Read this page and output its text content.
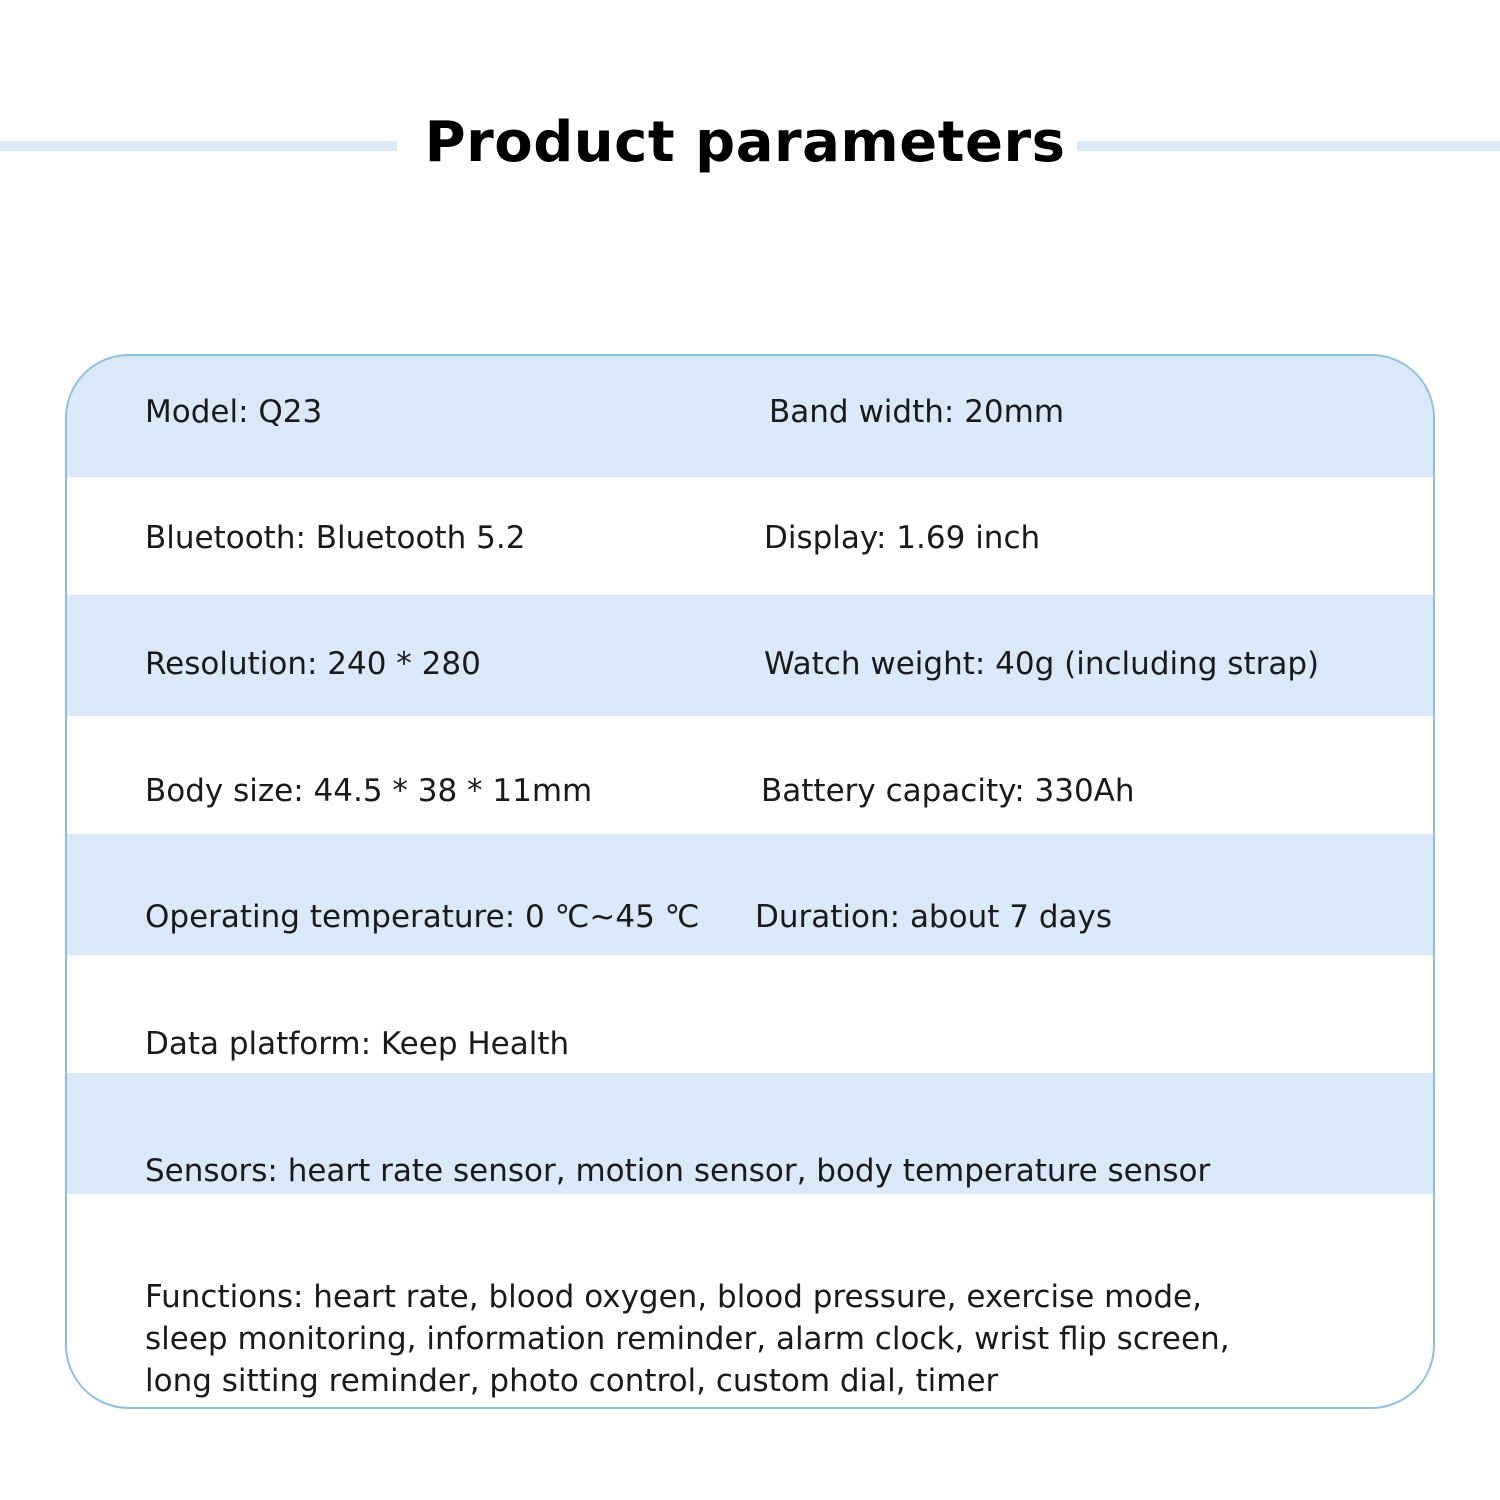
Product parameters
Model: Q23	Band width: 20mm
Bluetooth: Bluetooth 5.2	Display: 1.69 inch
Resolution: 240 * 280	Watch weight: 40g (including strap)
Body size: 44.5 * 38 * 11mm	Battery capacity: 330Ah
Operating temperature: 0 ℃~45 ℃ Duration: about 7 days
Data platform: Keep Health
Sensors: heart rate sensor, motion sensor, body temperature sensor
Functions: heart rate, blood oxygen, blood pressure, exercise mode,
sleep monitoring, information reminder, alarm clock, wrist flip screen,
long sitting reminder, photo control, custom dial, timer
